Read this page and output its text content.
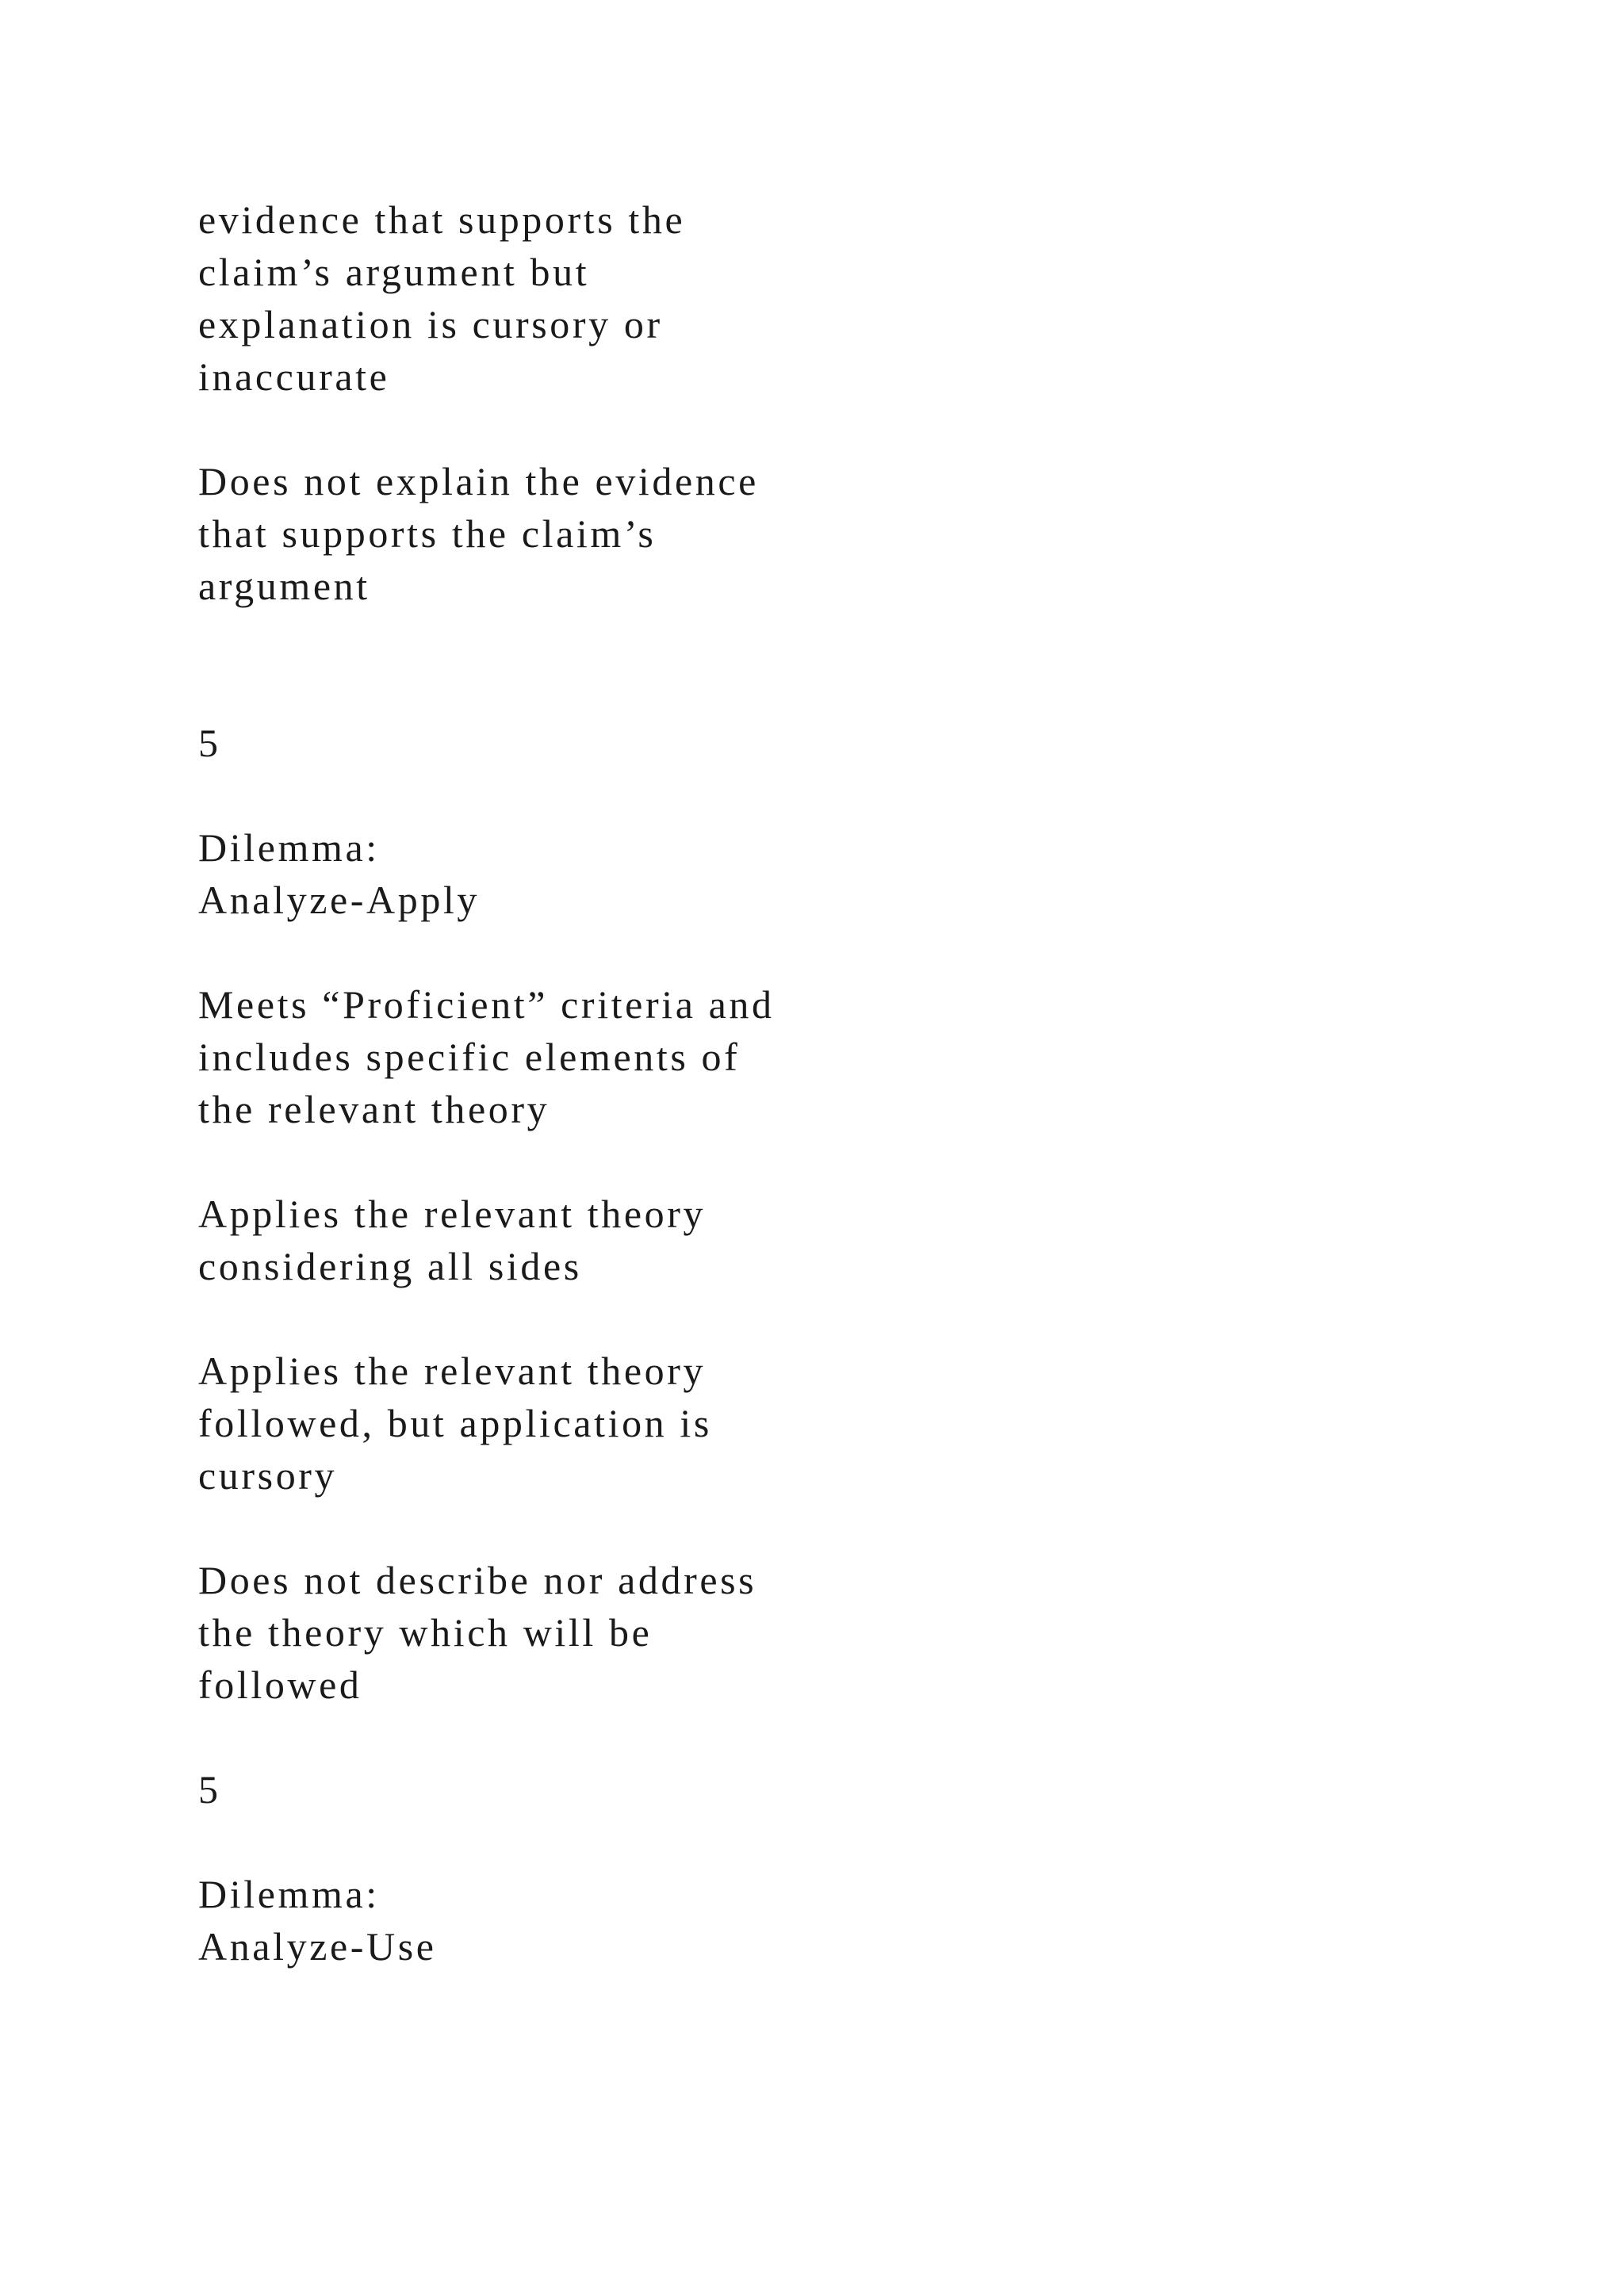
evidence that supports the
claim’s argument but
explanation is cursory or
inaccurate

Does not explain the evidence
that supports the claim’s
argument

5

Dilemma:
Analyze-Apply

Meets “Proficient” criteria and
includes specific elements of
the relevant theory

Applies the relevant theory
considering all sides

Applies the relevant theory
followed, but application is
cursory

Does not describe nor address
the theory which will be
followed

5

Dilemma:
Analyze-Use
